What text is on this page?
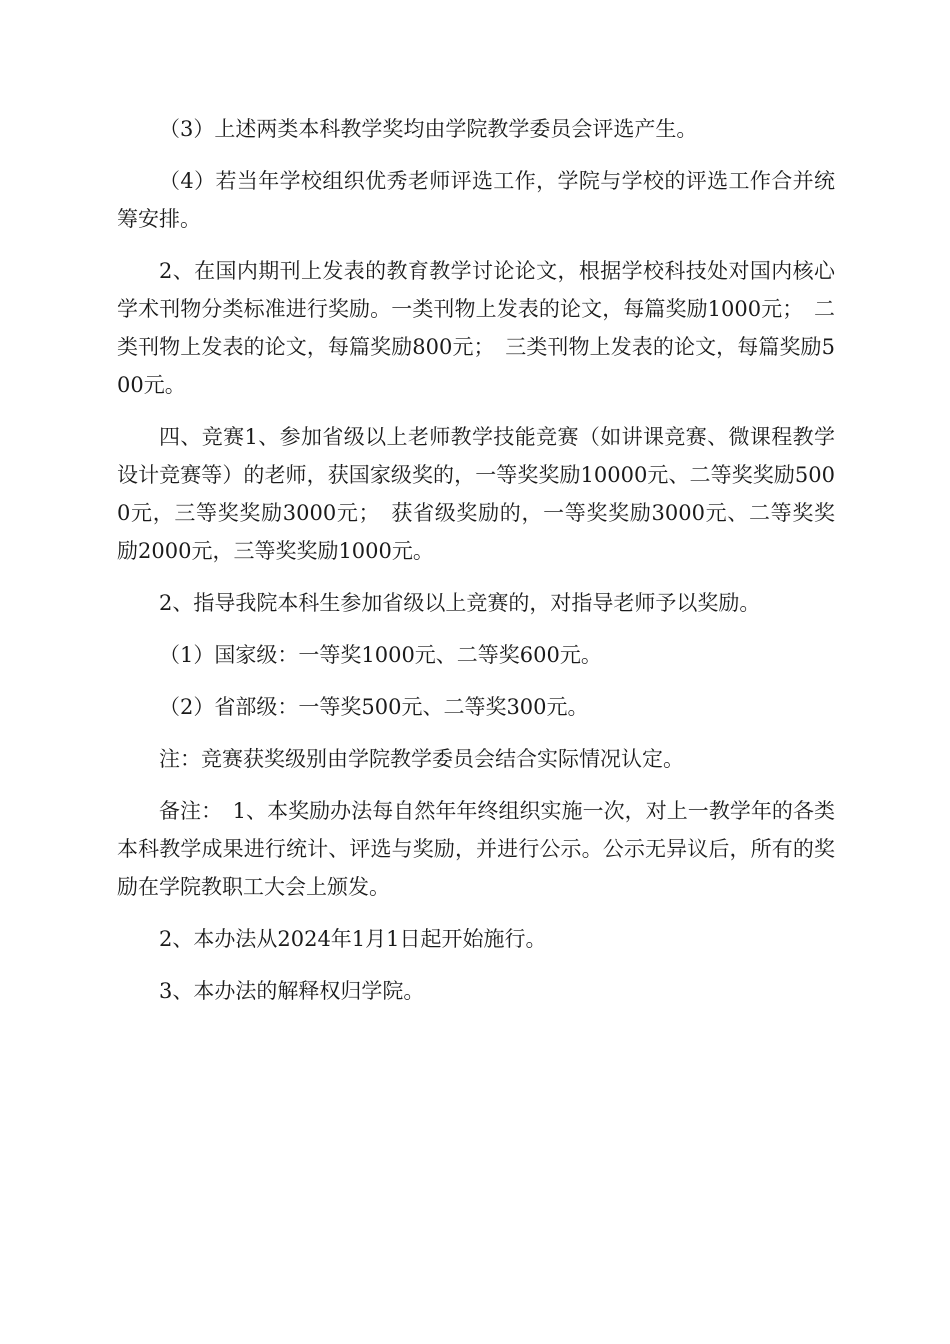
（3）上述两类本科教学奖均由学院教学委员会评选产生。

（4）若当年学校组织优秀老师评选工作，学院与学校的评选工作合并统筹安排。

2、在国内期刊上发表的教育教学讨论论文，根据学校科技处对国内核心学术刊物分类标准进行奖励。一类刊物上发表的论文，每篇奖励1000元；　二类刊物上发表的论文，每篇奖励800元；　三类刊物上发表的论文，每篇奖励500元。

四、竞赛1、参加省级以上老师教学技能竞赛（如讲课竞赛、微课程教学设计竞赛等）的老师，获国家级奖的，一等奖奖励10000元、二等奖奖励5000元，三等奖奖励3000元；　获省级奖励的，一等奖奖励3000元、二等奖奖励2000元，三等奖奖励1000元。

2、指导我院本科生参加省级以上竞赛的，对指导老师予以奖励。

（1）国家级：一等奖1000元、二等奖600元。

（2）省部级：一等奖500元、二等奖300元。

注：竞赛获奖级别由学院教学委员会结合实际情况认定。

备注：　1、本奖励办法每自然年年终组织实施一次，对上一教学年的各类本科教学成果进行统计、评选与奖励，并进行公示。公示无异议后，所有的奖励在学院教职工大会上颁发。

2、本办法从2024年1月1日起开始施行。

3、本办法的解释权归学院。
